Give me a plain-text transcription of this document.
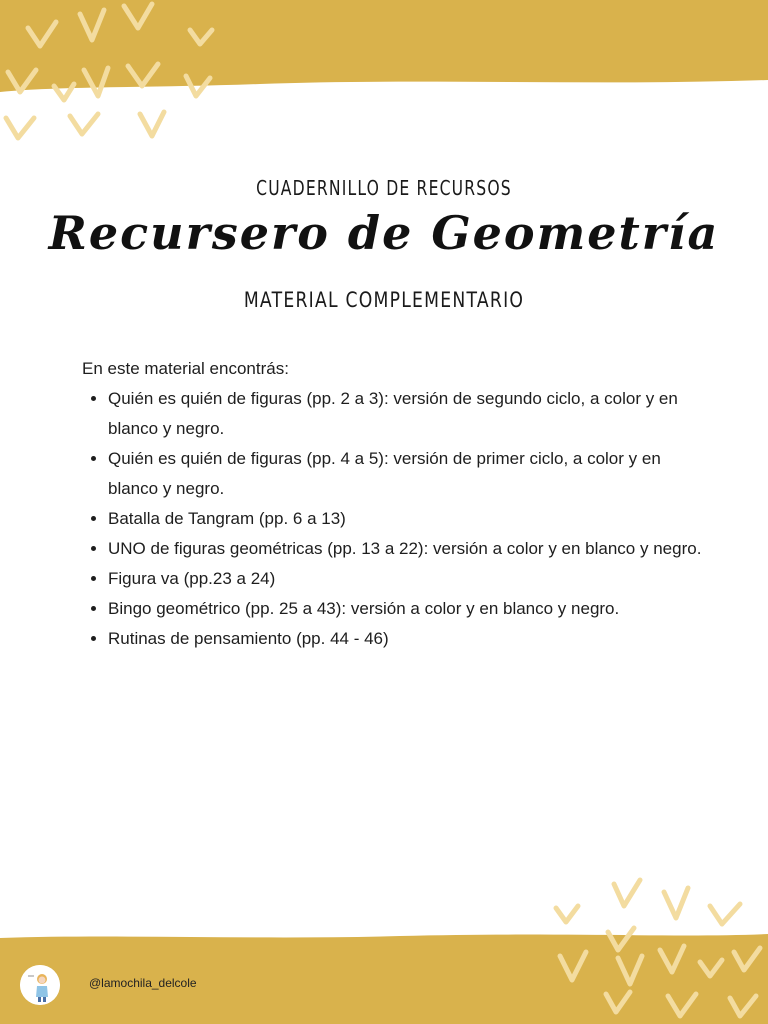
CUADERNILLO DE RECURSOS
Recursero de Geometría
MATERIAL COMPLEMENTARIO
En este material encontrás:
• Quién es quién de figuras (pp. 2 a 3): versión de segundo ciclo, a color y en blanco y negro.
• Quién es quién de figuras (pp. 4 a 5): versión de primer ciclo, a color y en blanco y negro.
• Batalla de Tangram (pp. 6 a 13)
• UNO de figuras geométricas (pp. 13 a 22): versión a color y en blanco y negro.
• Figura va (pp.23 a 24)
• Bingo geométrico (pp. 25 a 43): versión a color y en blanco y negro.
• Rutinas de pensamiento (pp. 44 - 46)
@lamochila_delcole
